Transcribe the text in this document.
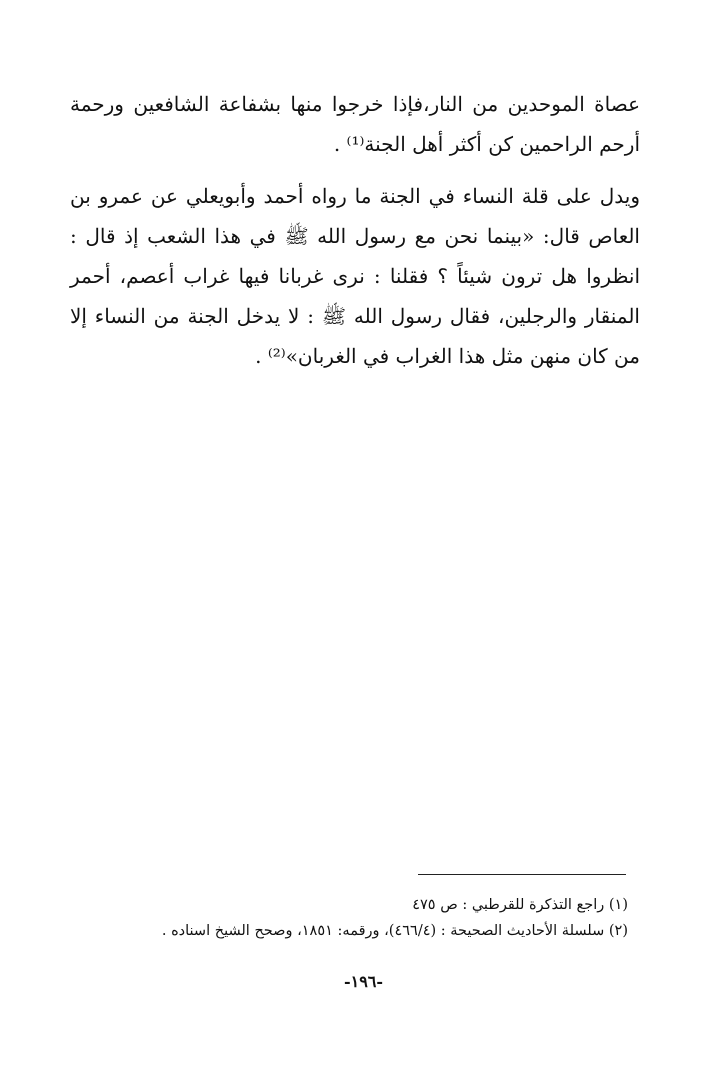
عصاة الموحدين من النار،فإذا خرجوا منها بشفاعة الشافعين ورحمة أرحم الراحمين كن أكثر أهل الجنة⁽¹⁾ .

ويدل على قلة النساء في الجنة ما رواه أحمد وأبويعلي عن عمرو بن العاص قال: «بينما نحن مع رسول الله ﷺ في هذا الشعب إذ قال : انظروا هل ترون شيئاً ؟ فقلنا : نرى غربانا فيها غراب أعصم، أحمر المنقار والرجلين، فقال رسول الله ﷺ : لا يدخل الجنة من النساء إلا من كان منهن مثل هذا الغراب في الغربان»⁽²⁾ .

(١) راجع التذكرة للقرطبي : ص ٤٧٥

(٢) سلسلة الأحاديث الصحيحة : (٤٦٦/٤)، ورقمه: ١٨٥١، وصحح الشيخ اسناده .

-١٩٦-
